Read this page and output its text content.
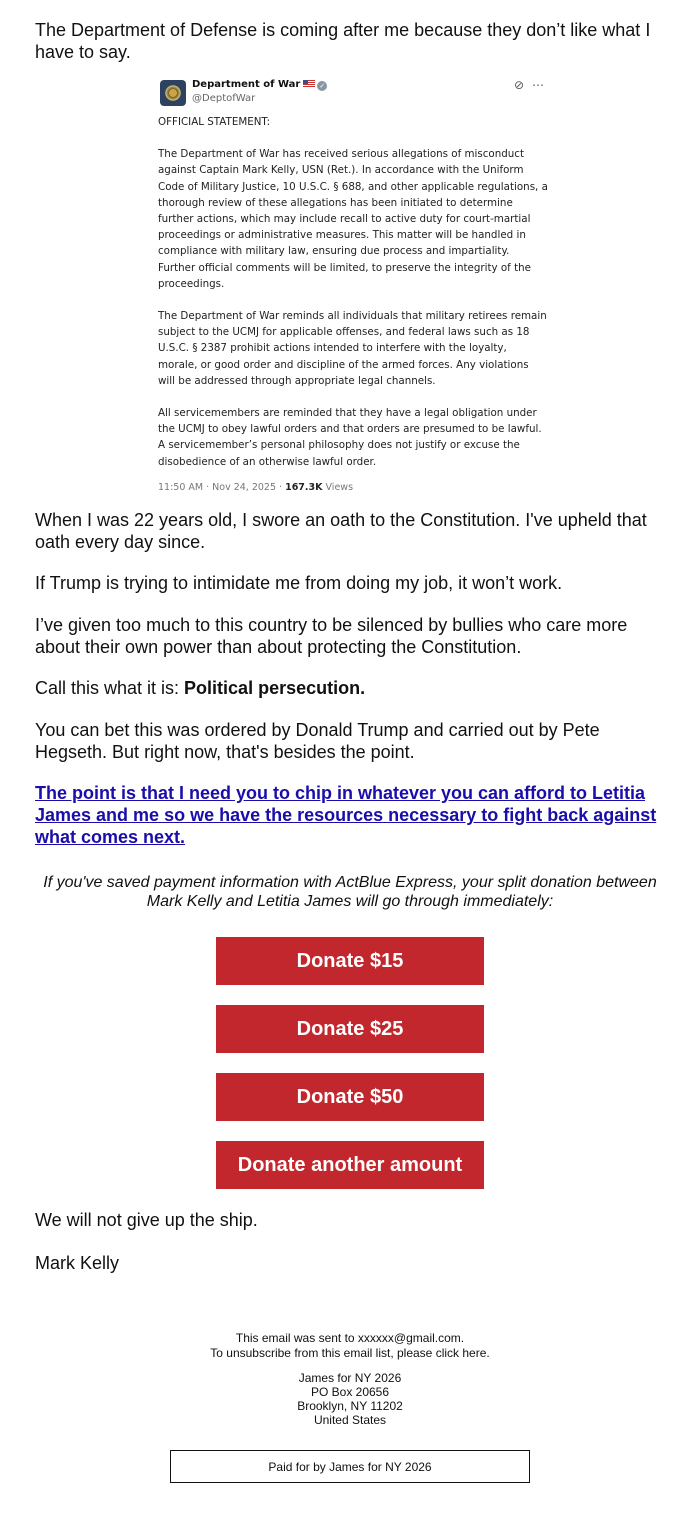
The Department of Defense is coming after me because they don’t like what I have to say.

Department of War	✓
@DeptofWar
⊘ ⋯

OFFICIAL STATEMENT:

The Department of War has received serious allegations of misconduct against Captain Mark Kelly, USN (Ret.). In accordance with the Uniform Code of Military Justice, 10 U.S.C. § 688, and other applicable regulations, a thorough review of these allegations has been initiated to determine further actions, which may include recall to active duty for court-martial proceedings or administrative measures. This matter will be handled in compliance with military law, ensuring due process and impartiality. Further official comments will be limited, to preserve the integrity of the proceedings.

The Department of War reminds all individuals that military retirees remain subject to the UCMJ for applicable offenses, and federal laws such as 18 U.S.C. § 2387 prohibit actions intended to interfere with the loyalty, morale, or good order and discipline of the armed forces. Any violations will be addressed through appropriate legal channels.

All servicemembers are reminded that they have a legal obligation under the UCMJ to obey lawful orders and that orders are presumed to be lawful. A servicemember’s personal philosophy does not justify or excuse the disobedience of an otherwise lawful order.

11:50 AM · Nov 24, 2025 · 167.3K Views

When I was 22 years old, I swore an oath to the Constitution. I've upheld that oath every day since.

If Trump is trying to intimidate me from doing my job, it won’t work.

I’ve given too much to this country to be silenced by bullies who care more about their own power than about protecting the Constitution.

Call this what it is: Political persecution.

You can bet this was ordered by Donald Trump and carried out by Pete Hegseth. But right now, that's besides the point.

The point is that I need you to chip in whatever you can afford to Letitia James and me so we have the resources necessary to fight back against what comes next.

If you've saved payment information with ActBlue Express, your split donation between Mark Kelly and Letitia James will go through immediately:

Donate $15
Donate $25
Donate $50
Donate another amount

We will not give up the ship.

Mark Kelly

This email was sent to xxxxxx@gmail.com.
To unsubscribe from this email list, please click here.
James for NY 2026
PO Box 20656
Brooklyn, NY 11202
United States
Paid for by James for NY 2026
